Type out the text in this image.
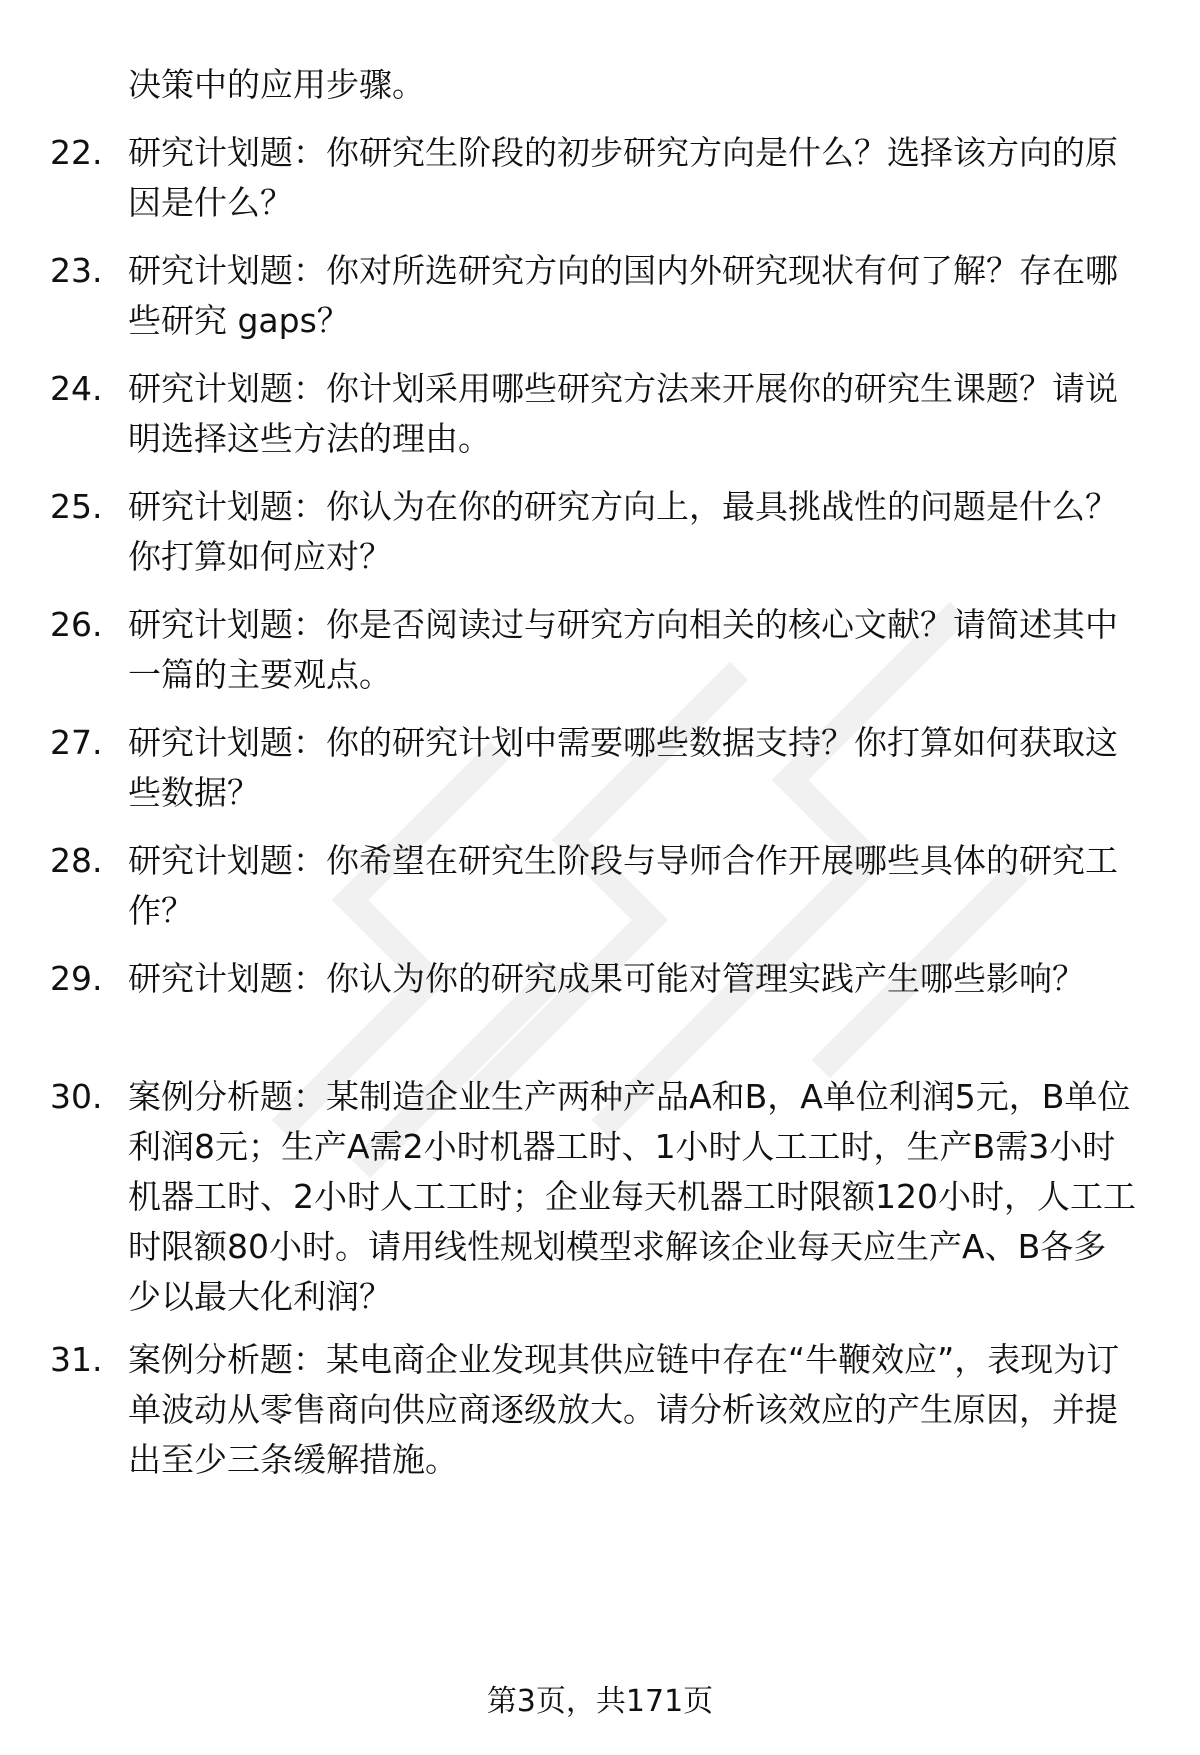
决策中的应用步骤。
22. 研究计划题：你研究生阶段的初步研究方向是什么？选择该方向的原因是什么？
23. 研究计划题：你对所选研究方向的国内外研究现状有何了解？存在哪些研究 gaps？
24. 研究计划题：你计划采用哪些研究方法来开展你的研究生课题？请说明选择这些方法的理由。
25. 研究计划题：你认为在你的研究方向上，最具挑战性的问题是什么？你打算如何应对？
26. 研究计划题：你是否阅读过与研究方向相关的核心文献？请简述其中一篇的主要观点。
27. 研究计划题：你的研究计划中需要哪些数据支持？你打算如何获取这些数据？
28. 研究计划题：你希望在研究生阶段与导师合作开展哪些具体的研究工作？
29. 研究计划题：你认为你的研究成果可能对管理实践产生哪些影响？
30. 案例分析题：某制造企业生产两种产品A和B，A单位利润5元，B单位利润8元；生产A需2小时机器工时、1小时人工工时，生产B需3小时机器工时、2小时人工工时；企业每天机器工时限额120小时，人工工时限额80小时。请用线性规划模型求解该企业每天应生产A、B各多少以最大化利润？
31. 案例分析题：某电商企业发现其供应链中存在“牛鞭效应”，表现为订单波动从零售商向供应商逐级放大。请分析该效应的产生原因，并提出至少三条缓解措施。
第3页，共171页
